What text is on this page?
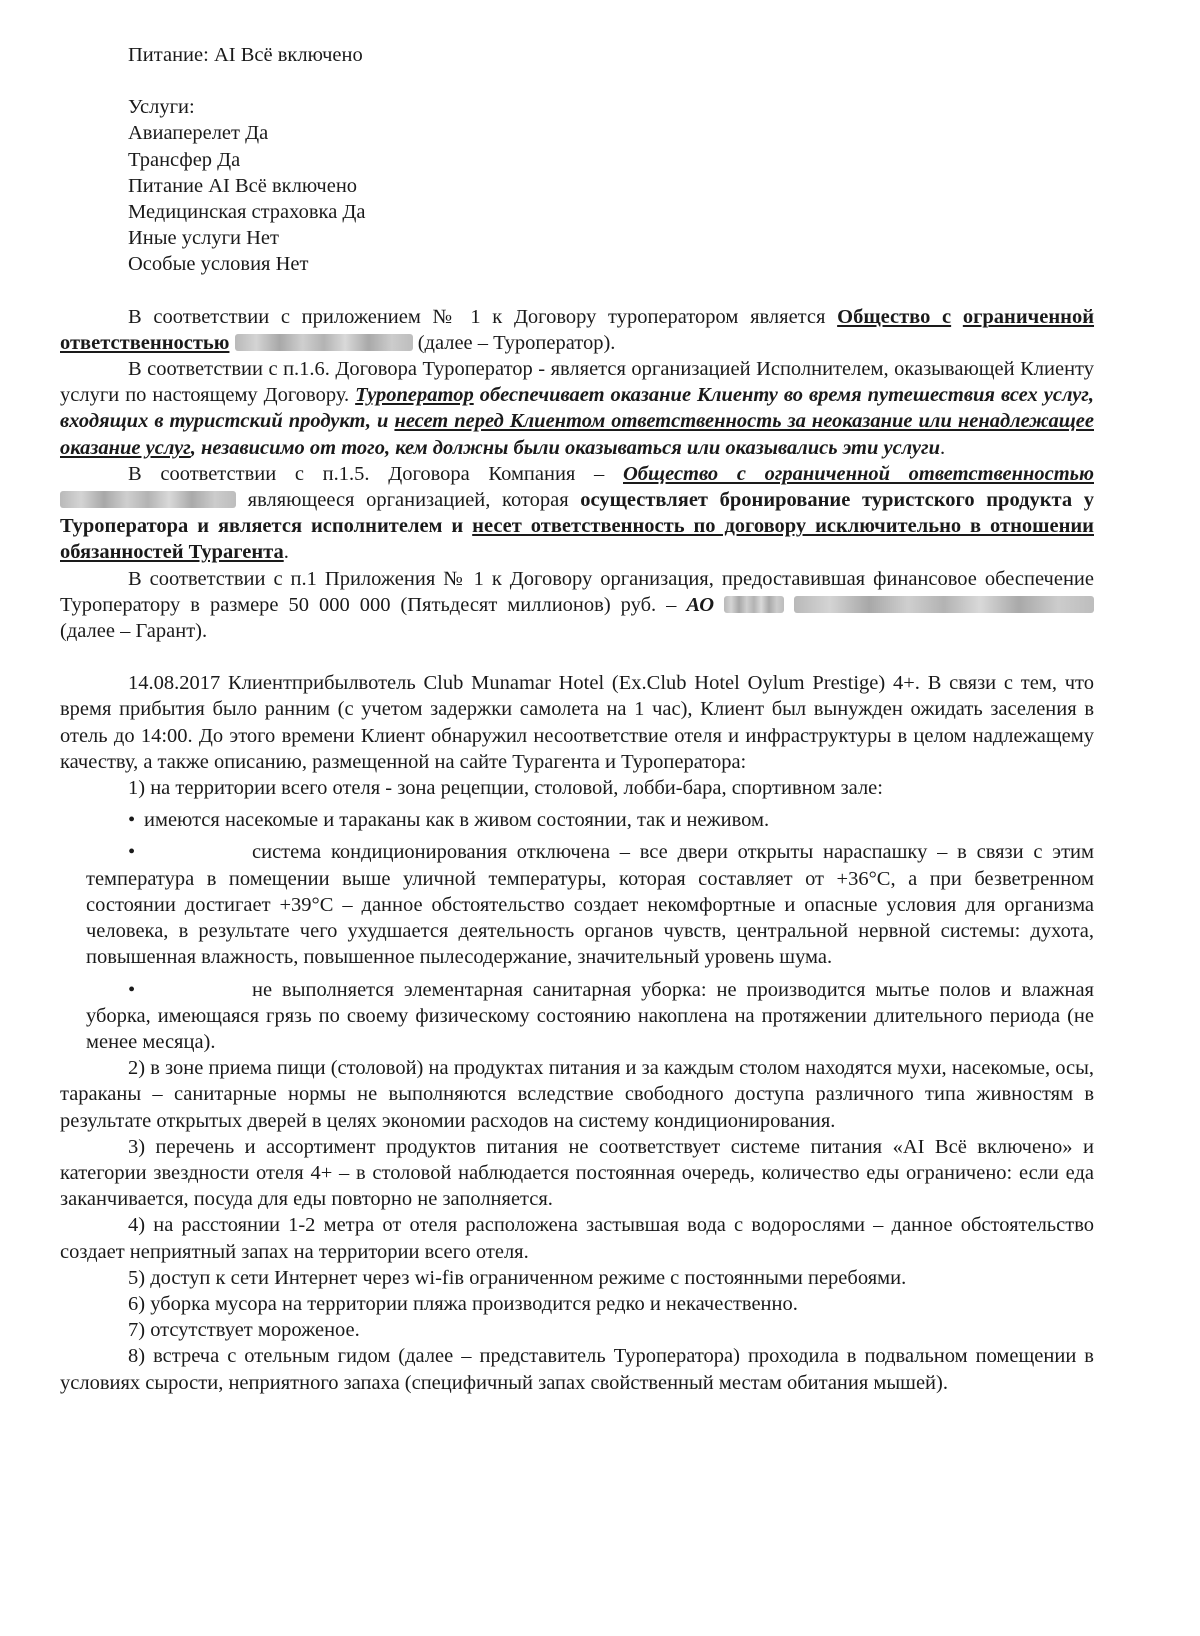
Питание: AI Всё включено
Услуги:
Авиаперелет Да
Трансфер Да
Питание AI Всё включено
Медицинская страховка Да
Иные услуги Нет
Особые условия Нет
В соответствии с приложением № 1 к Договору туроператором является Общество с ограниченной ответственностью	(далее – Туроператор).
В соответствии с п.1.6. Договора Туроператор - является организацией Исполнителем, оказывающей Клиенту услуги по настоящему Договору. Туроператор обеспечивает оказание Клиенту во время путешествия всех услуг, входящих в туристский продукт, и несет перед Клиентом ответственность за неоказание или ненадлежащее оказание услуг, независимо от того, кем должны были оказываться или оказывались эти услуги.
В соответствии с п.1.5. Договора Компания – Общество с ограниченной ответственностью  являющееся организацией, которая осуществляет бронирование туристского продукта у Туроператора и является исполнителем и несет ответственность по договору исключительно в отношении обязанностей Турагента.
В соответствии с п.1 Приложения № 1 к Договору организация, предоставившая финансовое обеспечение Туроператору в размере 50 000 000 (Пятьдесят миллионов) руб. – АО   (далее – Гарант).
14.08.2017 Клиентприбылвотель Club Munamar Hotel (Ex.Club Hotel Oylum Prestige) 4+. В связи с тем, что время прибытия было ранним (с учетом задержки самолета на 1 час), Клиент был вынужден ожидать заселения в отель до 14:00. До этого времени Клиент обнаружил несоответствие отеля и инфраструктуры в целом надлежащему качеству, а также описанию, размещенной на сайте Турагента и Туроператора:
1) на территории всего отеля - зона рецепции, столовой, лобби-бара, спортивном зале:
• имеются насекомые и тараканы как в живом состоянии, так и неживом.
•	система кондиционирования отключена – все двери открыты нараспашку – в связи с этим температура в помещении выше уличной температуры, которая составляет от +36°С, а при безветренном состоянии достигает +39°С – данное обстоятельство создает некомфортные и опасные условия для организма человека, в результате чего ухудшается деятельность органов чувств, центральной нервной системы: духота, повышенная влажность, повышенное пылесодержание, значительный уровень шума.
•	не выполняется элементарная санитарная уборка: не производится мытье полов и влажная уборка, имеющаяся грязь по своему физическому состоянию накоплена на протяжении длительного периода (не менее месяца).
2) в зоне приема пищи (столовой) на продуктах питания и за каждым столом находятся мухи, насекомые, осы, тараканы – санитарные нормы не выполняются вследствие свободного доступа различного типа живностям в результате открытых дверей в целях экономии расходов на систему кондиционирования.
3) перечень и ассортимент продуктов питания не соответствует системе питания «AI Всё включено» и категории звездности отеля 4+ – в столовой наблюдается постоянная очередь, количество еды ограничено: если еда заканчивается, посуда для еды повторно не заполняется.
4) на расстоянии 1-2 метра от отеля расположена застывшая вода с водорослями – данное обстоятельство создает неприятный запах на территории всего отеля.
5) доступ к сети Интернет через wi-fiв ограниченном режиме с постоянными перебоями.
6) уборка мусора на территории пляжа производится редко и некачественно.
7) отсутствует мороженое.
8) встреча с отельным гидом (далее – представитель Туроператора) проходила в подвальном помещении в условиях сырости, неприятного запаха (специфичный запах свойственный местам обитания мышей).
